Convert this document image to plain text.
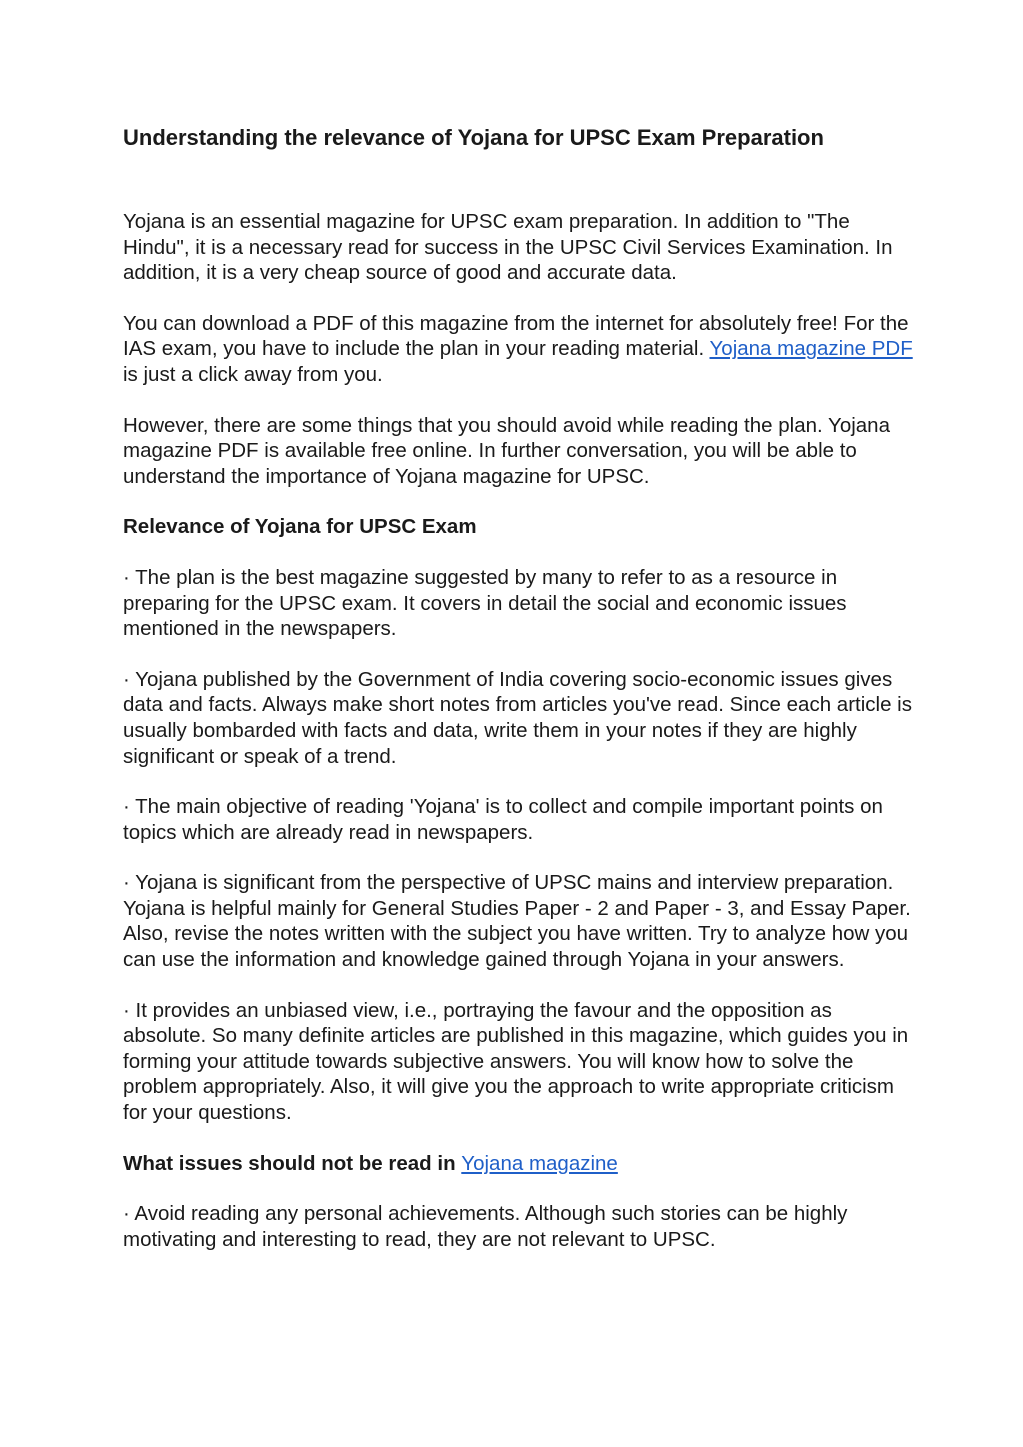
Understanding the relevance of Yojana for UPSC Exam Preparation

Yojana is an essential magazine for UPSC exam preparation. In addition to "The Hindu", it is a necessary read for success in the UPSC Civil Services Examination. In addition, it is a very cheap source of good and accurate data.

You can download a PDF of this magazine from the internet for absolutely free! For the IAS exam, you have to include the plan in your reading material. Yojana magazine PDF is just a click away from you.

However, there are some things that you should avoid while reading the plan. Yojana magazine PDF is available free online. In further conversation, you will be able to understand the importance of Yojana magazine for UPSC.

Relevance of Yojana for UPSC Exam

· The plan is the best magazine suggested by many to refer to as a resource in preparing for the UPSC exam. It covers in detail the social and economic issues mentioned in the newspapers.

· Yojana published by the Government of India covering socio-economic issues gives data and facts. Always make short notes from articles you've read. Since each article is usually bombarded with facts and data, write them in your notes if they are highly significant or speak of a trend.

· The main objective of reading 'Yojana' is to collect and compile important points on topics which are already read in newspapers.

· Yojana is significant from the perspective of UPSC mains and interview preparation. Yojana is helpful mainly for General Studies Paper - 2 and Paper - 3, and Essay Paper. Also, revise the notes written with the subject you have written. Try to analyze how you can use the information and knowledge gained through Yojana in your answers.

· It provides an unbiased view, i.e., portraying the favour and the opposition as absolute. So many definite articles are published in this magazine, which guides you in forming your attitude towards subjective answers. You will know how to solve the problem appropriately. Also, it will give you the approach to write appropriate criticism for your questions.

What issues should not be read in Yojana magazine

· Avoid reading any personal achievements. Although such stories can be highly motivating and interesting to read, they are not relevant to UPSC.
